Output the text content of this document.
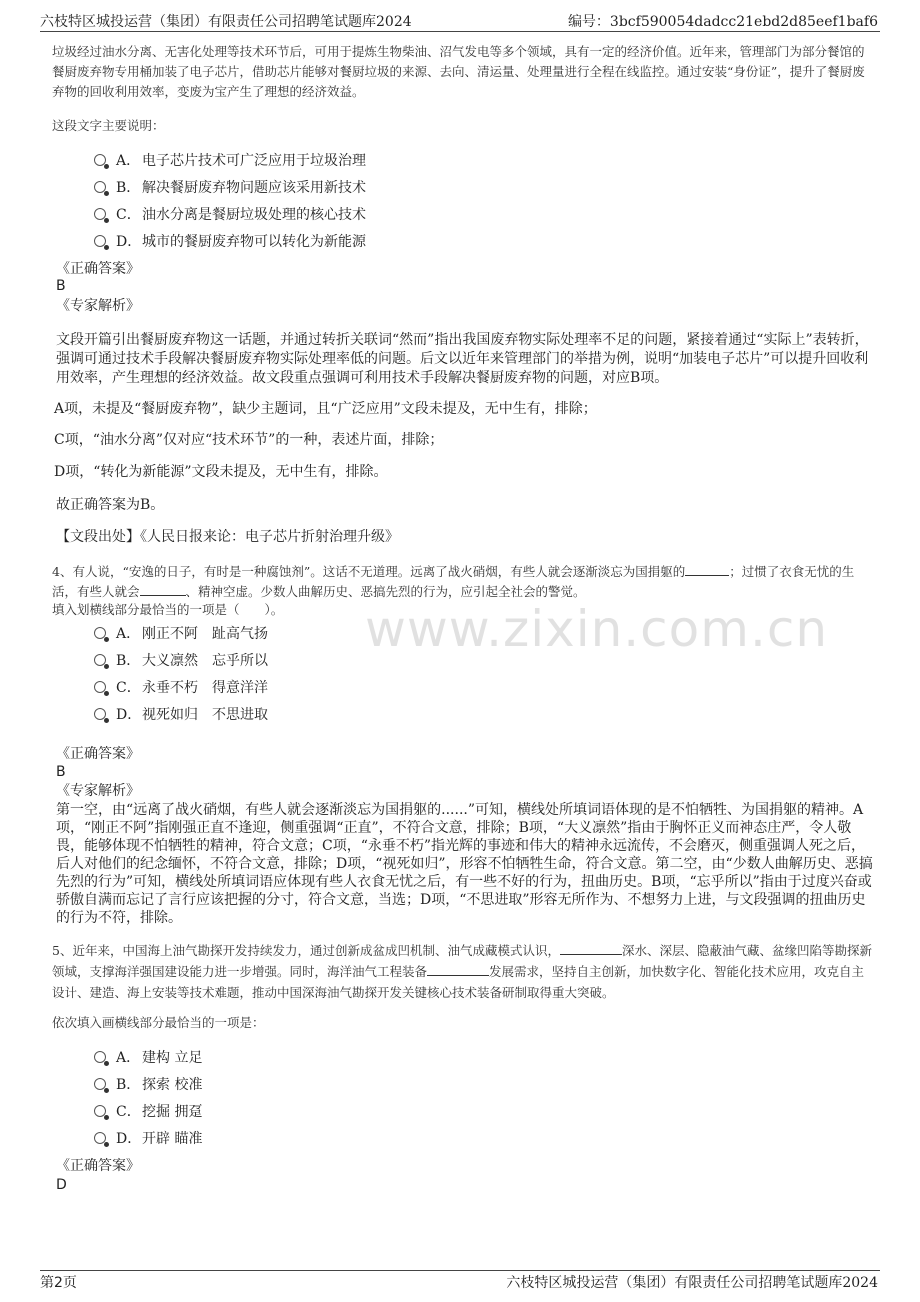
六枝特区城投运营（集团）有限责任公司招聘笔试题库2024	编号：3bcf590054dadcc21ebd2d85eef1baf6
www.zixin.com.cn
垃圾经过油水分离、无害化处理等技术环节后，可用于提炼生物柴油、沼气发电等多个领域，具有一定的经济价值。近年来，管理部门为部分餐馆的餐厨废弃物专用桶加装了电子芯片，借助芯片能够对餐厨垃圾的来源、去向、清运量、处理量进行全程在线监控。通过安装“身份证”，提升了餐厨废弃物的回收利用效率，变废为宝产生了理想的经济效益。
这段文字主要说明：
A． 电子芯片技术可广泛应用于垃圾治理
B． 解决餐厨废弃物问题应该采用新技术
C． 油水分离是餐厨垃圾处理的核心技术
D． 城市的餐厨废弃物可以转化为新能源
《正确答案》
B
《专家解析》
文段开篇引出餐厨废弃物这一话题，并通过转折关联词“然而”指出我国废弃物实际处理率不足的问题，紧接着通过“实际上”表转折，强调可通过技术手段解决餐厨废弃物实际处理率低的问题。后文以近年来管理部门的举措为例，说明“加装电子芯片”可以提升回收利用效率，产生理想的经济效益。故文段重点强调可利用技术手段解决餐厨废弃物的问题，对应B项。
A项，未提及“餐厨废弃物”，缺少主题词，且“广泛应用”文段未提及，无中生有，排除；
C项，“油水分离”仅对应“技术环节”的一种，表述片面，排除；
D项，“转化为新能源”文段未提及，无中生有，排除。
故正确答案为B。
【文段出处】《人民日报来论：电子芯片折射治理升级》
4、有人说，“安逸的日子，有时是一种腐蚀剂”。这话不无道理。远离了战火硝烟，有些人就会逐渐淡忘为国捐躯的	；过惯了衣食无忧的生活，有些人就会	、精神空虚。少数人曲解历史、恶搞先烈的行为，应引起全社会的警觉。
填入划横线部分最恰当的一项是（　　）。
A． 刚正不阿　趾高气扬
B． 大义凛然　忘乎所以
C． 永垂不朽　得意洋洋
D． 视死如归　不思进取
《正确答案》
B
《专家解析》
第一空，由“远离了战火硝烟，有些人就会逐渐淡忘为国捐躯的......”可知，横线处所填词语体现的是不怕牺牲、为国捐躯的精神。A项，“刚正不阿”指刚强正直不逢迎，侧重强调“正直”，不符合文意，排除；B项，“大义凛然”指由于胸怀正义而神态庄严，令人敬畏，能够体现不怕牺牲的精神，符合文意；C项，“永垂不朽”指光辉的事迹和伟大的精神永远流传，不会磨灭，侧重强调人死之后，后人对他们的纪念缅怀，不符合文意，排除；D项，“视死如归”，形容不怕牺牲生命，符合文意。第二空，由“少数人曲解历史、恶搞先烈的行为”可知，横线处所填词语应体现有些人衣食无忧之后，有一些不好的行为，扭曲历史。B项，“忘乎所以”指由于过度兴奋或骄傲自满而忘记了言行应该把握的分寸，符合文意，当选；D项，“不思进取”形容无所作为、不想努力上进，与文段强调的扭曲历史的行为不符，排除。
5、近年来，中国海上油气勘探开发持续发力，通过创新成盆成凹机制、油气成藏模式认识，	深水、深层、隐蔽油气藏、盆缘凹陷等勘探新领域，支撑海洋强国建设能力进一步增强。同时，海洋油气工程装备	发展需求，坚持自主创新，加快数字化、智能化技术应用，攻克自主设计、建造、海上安装等技术难题，推动中国深海油气勘探开发关键核心技术装备研制取得重大突破。
依次填入画横线部分最恰当的一项是：
A． 建构 立足
B． 探索 校准
C． 挖掘 拥趸
D． 开辟 瞄准
《正确答案》
D
第2页	六枝特区城投运营（集团）有限责任公司招聘笔试题库2024
